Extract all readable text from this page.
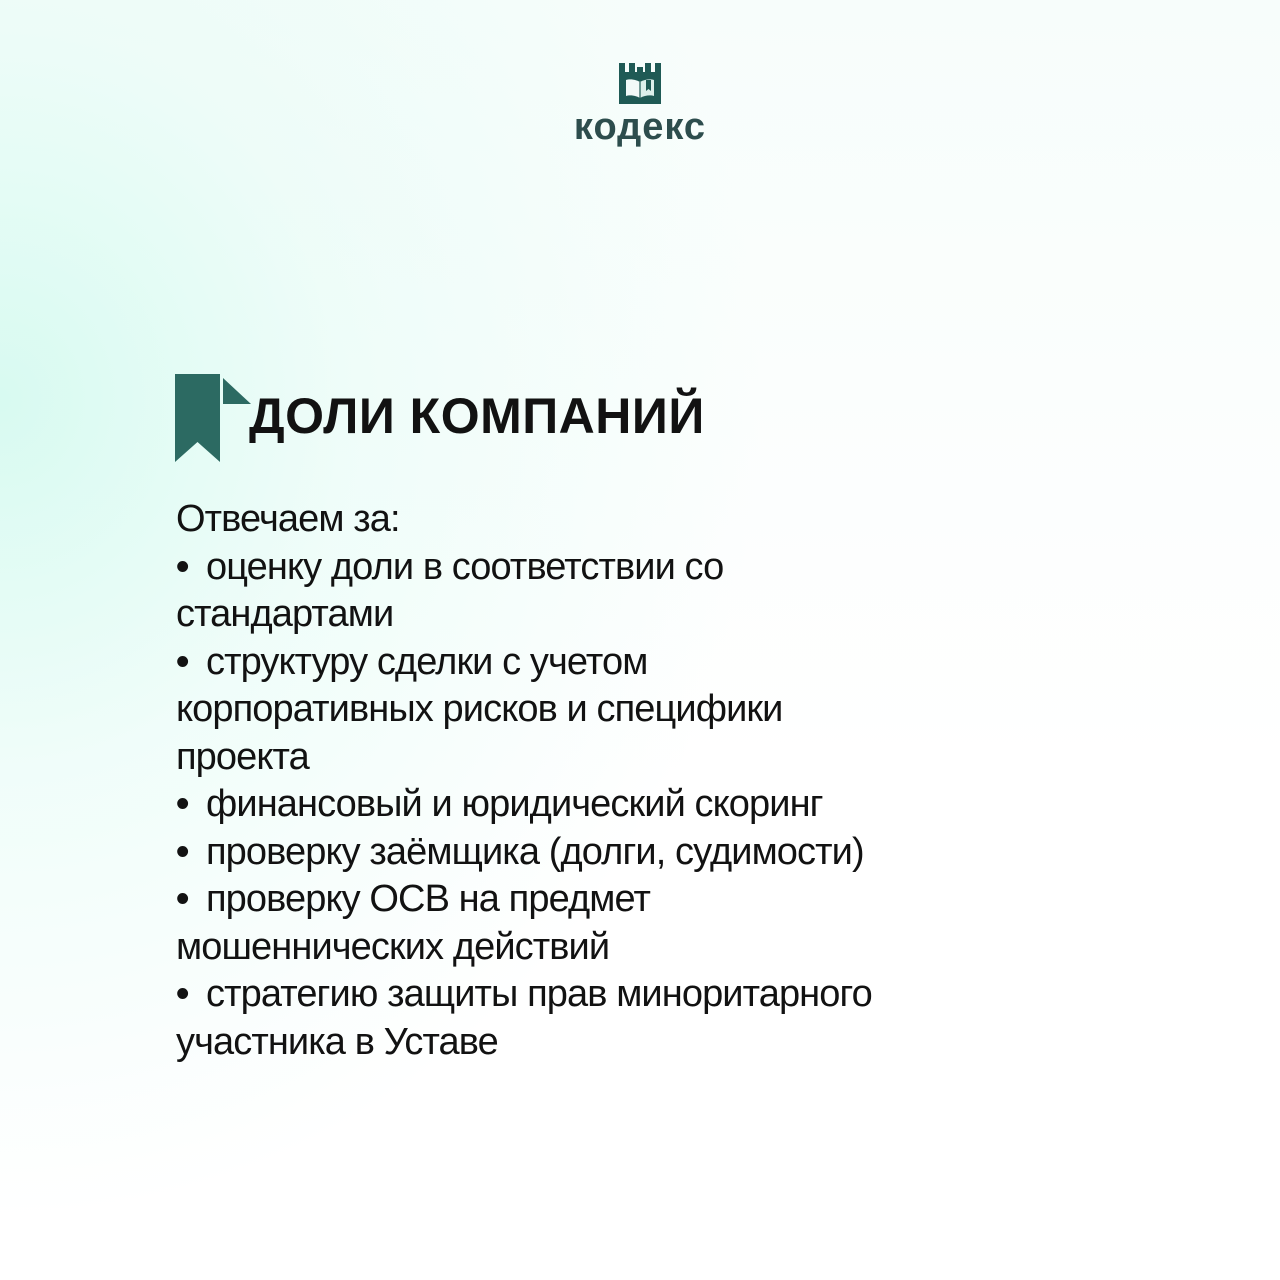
кодекс
ДОЛИ КОМПАНИЙ

Отвечаем за:

• оценку доли в соответствии со
стандартами
• структуру сделки с учетом
корпоративных рисков и специфики
проекта
• финансовый и юридический скоринг
• проверку заёмщика (долги, судимости)
• проверку ОСВ на предмет
мошеннических действий
• стратегию защиты прав миноритарного
участника в Уставе
